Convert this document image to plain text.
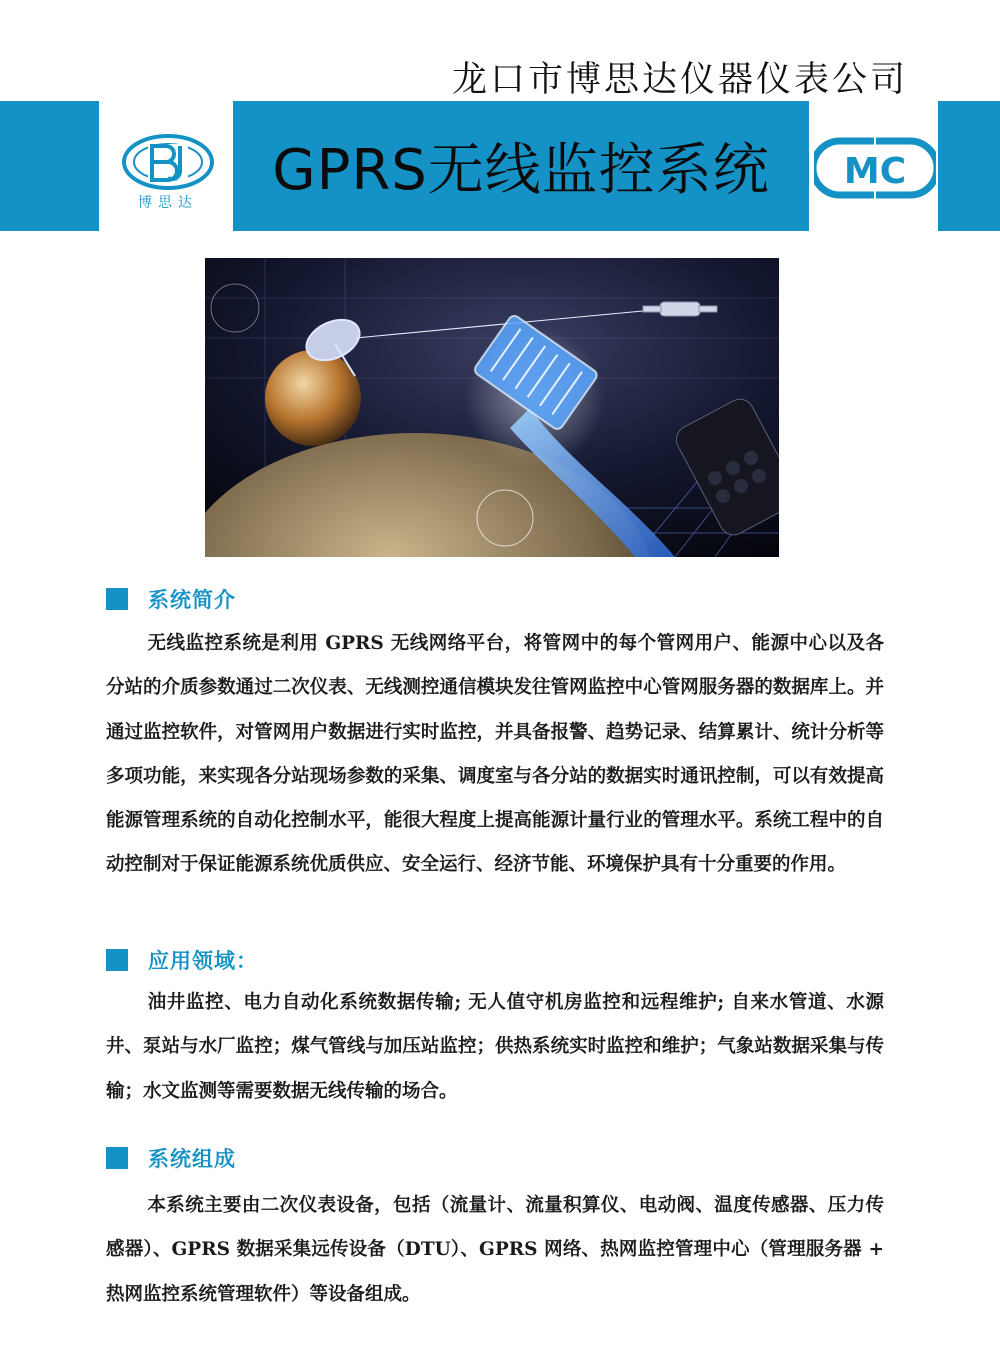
龙口市博思达仪器仪表公司
GPRS无线监控系统
博思达
MC
系统简介

无线监控系统是利用 GPRS 无线网络平台，将管网中的每个管网用户、能源中心以及各分站的介质参数通过二次仪表、无线测控通信模块发往管网监控中心管网服务器的数据库上。并通过监控软件，对管网用户数据进行实时监控，并具备报警、趋势记录、结算累计、统计分析等多项功能，来实现各分站现场参数的采集、调度室与各分站的数据实时通讯控制，可以有效提高能源管理系统的自动化控制水平，能很大程度上提高能源计量行业的管理水平。系统工程中的自动控制对于保证能源系统优质供应、安全运行、经济节能、环境保护具有十分重要的作用。

应用领域：

油井监控、电力自动化系统数据传输; 无人值守机房监控和远程维护; 自来水管道、水源井、泵站与水厂监控；煤气管线与加压站监控；供热系统实时监控和维护；气象站数据采集与传输；水文监测等需要数据无线传输的场合。

系统组成

本系统主要由二次仪表设备，包括（流量计、流量积算仪、电动阀、温度传感器、压力传感器）、GPRS 数据采集远传设备（DTU）、GPRS 网络、热网监控管理中心（管理服务器 + 热网监控系统管理软件）等设备组成。
